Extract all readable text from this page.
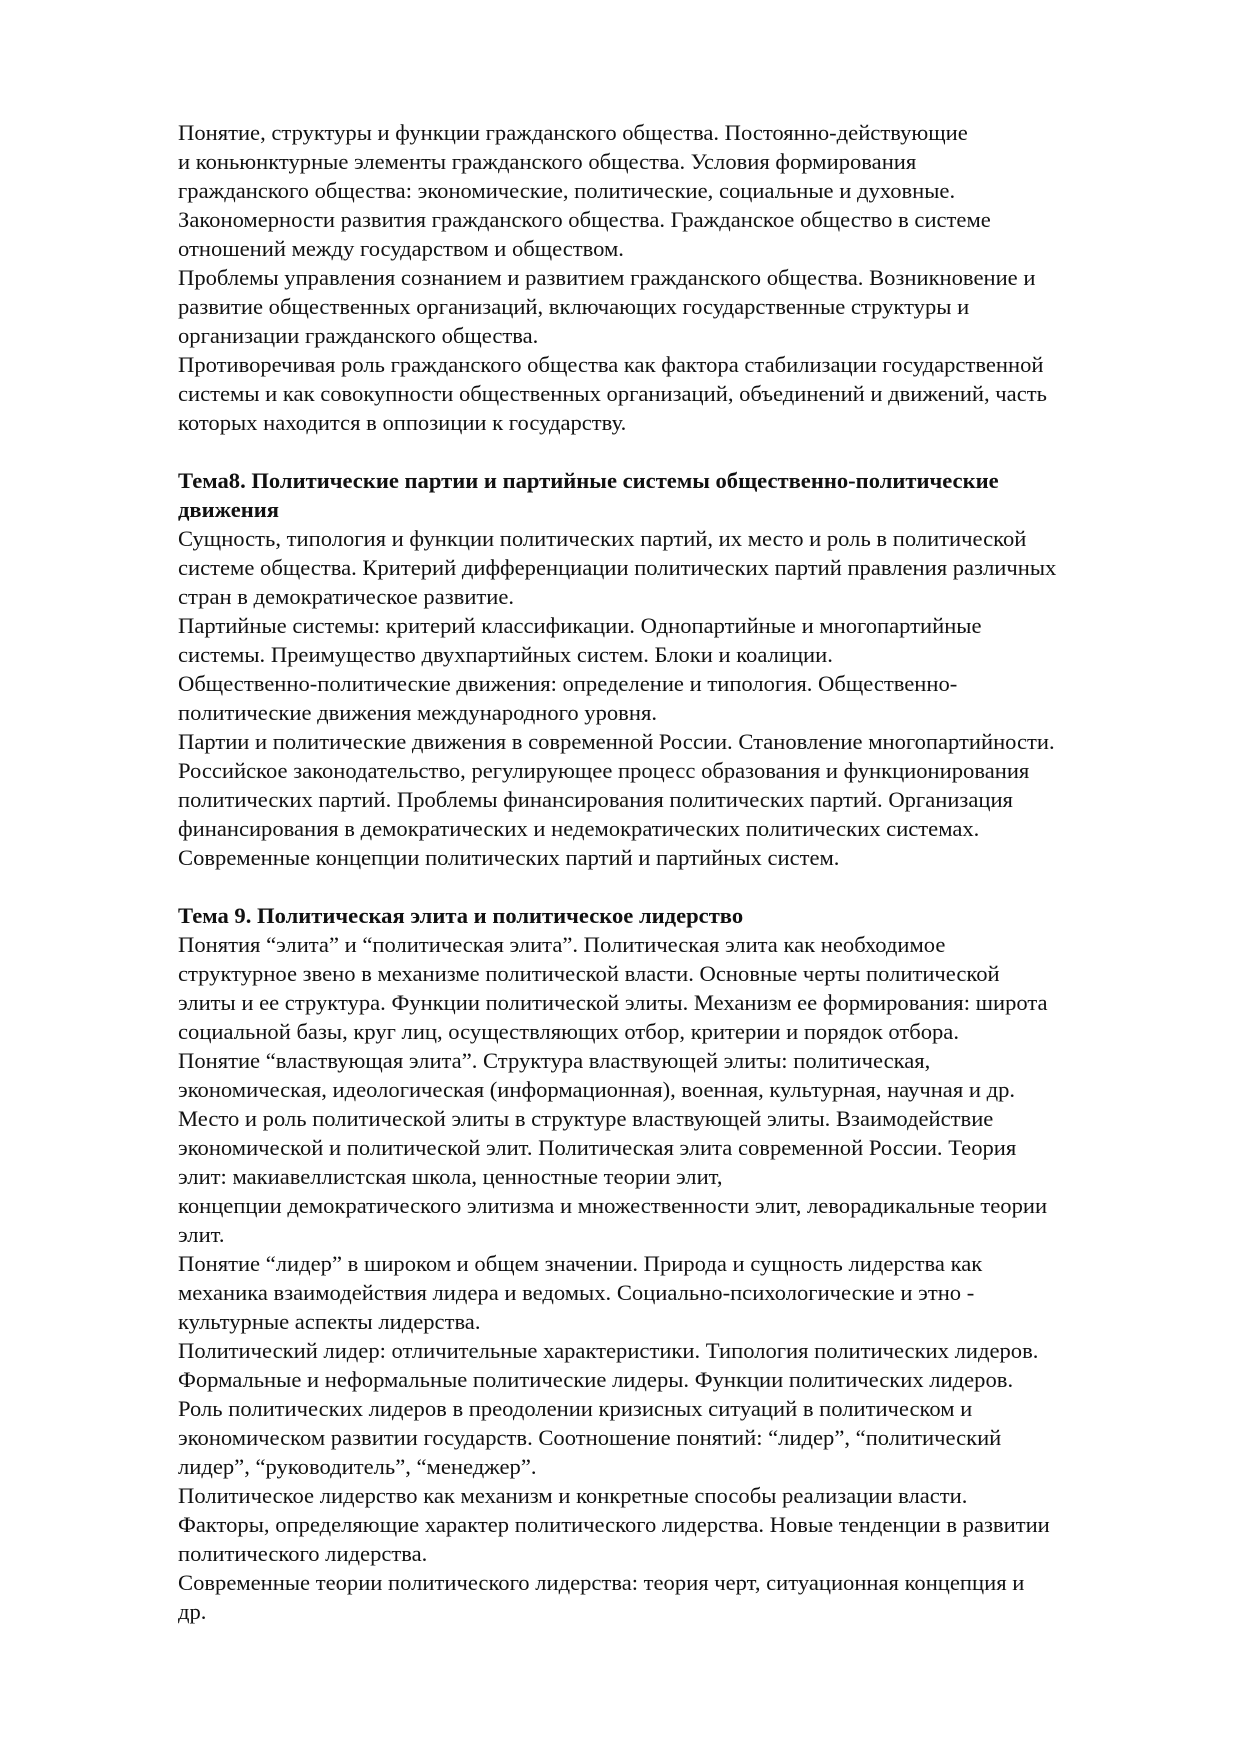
Понятие, структуры и функции гражданского общества. Постоянно-действующие
и коньюнктурные элементы гражданского общества. Условия формирования
гражданского общества: экономические, политические, социальные и духовные.
Закономерности развития гражданского общества. Гражданское общество в системе
отношений между государством и обществом.
Проблемы управления сознанием и развитием гражданского общества. Возникновение и
развитие общественных организаций, включающих государственные структуры и
организации гражданского общества.
Противоречивая роль гражданского общества как фактора стабилизации государственной
системы и как совокупности общественных организаций, объединений и движений, часть
которых находится в оппозиции к государству.
Тема8. Политические партии и партийные системы общественно-политические
движения
Сущность, типология и функции политических партий, их место и роль в политической
системе общества. Критерий дифференциации политических партий правления различных
стран в демократическое развитие.
Партийные системы: критерий классификации. Однопартийные и многопартийные
системы. Преимущество двухпартийных систем. Блоки и коалиции.
Общественно-политические движения: определение и типология. Общественно-
политические движения международного уровня.
Партии и политические движения в современной России. Становление многопартийности.
Российское законодательство, регулирующее процесс образования и функционирования
политических партий. Проблемы финансирования политических партий. Организация
финансирования в демократических и недемократических политических системах.
Современные концепции политических партий и партийных систем.
Тема 9. Политическая элита и политическое лидерство
Понятия “элита” и “политическая элита”. Политическая элита как необходимое
структурное звено в механизме политической власти. Основные черты политической
элиты и ее структура. Функции политической элиты. Механизм ее формирования: широта
социальной базы, круг лиц, осуществляющих отбор, критерии и порядок отбора.
Понятие “властвующая элита”. Структура властвующей элиты: политическая,
экономическая, идеологическая (информационная), военная, культурная, научная и др.
Место и роль политической элиты в структуре властвующей элиты. Взаимодействие
экономической и политической элит. Политическая элита современной России. Теория
элит: макиавеллистская школа, ценностные теории элит,
концепции демократического элитизма и множественности элит, леворадикальные теории
элит.
Понятие “лидер” в широком и общем значении. Природа и сущность лидерства как
механика взаимодействия лидера и ведомых. Социально-психологические и этно -
культурные аспекты лидерства.
Политический лидер: отличительные характеристики. Типология политических лидеров.
Формальные и неформальные политические лидеры. Функции политических лидеров.
Роль политических лидеров в преодолении кризисных ситуаций в политическом и
экономическом развитии государств. Соотношение понятий: “лидер”, “политический
лидер”, “руководитель”, “менеджер”.
Политическое лидерство как механизм и конкретные способы реализации власти.
Факторы, определяющие характер политического лидерства. Новые тенденции в развитии
политического лидерства.
Современные теории политического лидерства: теория черт, ситуационная концепция и
др.
